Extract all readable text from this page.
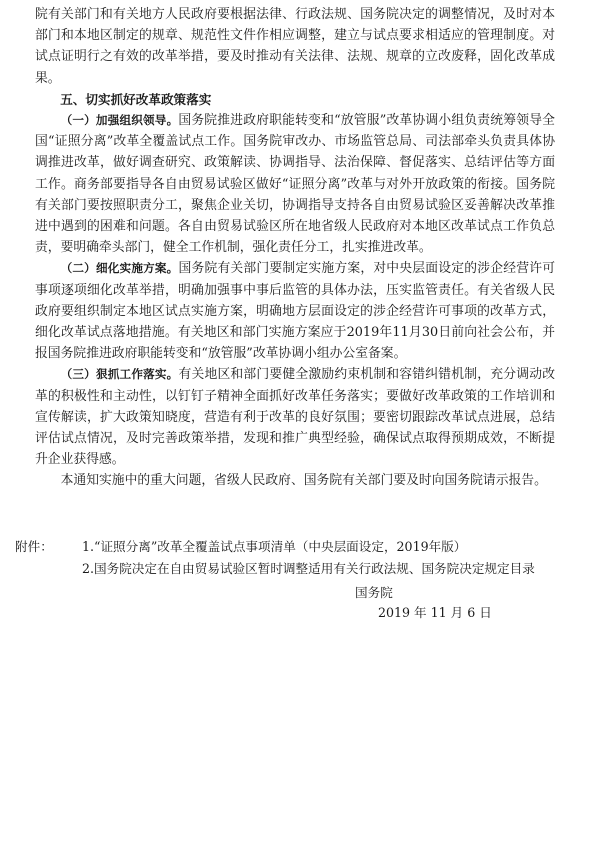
院有关部门和有关地方人民政府要根据法律、行政法规、国务院决定的调整情况，及时对本部门和本地区制定的规章、规范性文件作相应调整，建立与试点要求相适应的管理制度。对试点证明行之有效的改革举措，要及时推动有关法律、法规、规章的立改废释，固化改革成果。

五、切实抓好改革政策落实

（一）加强组织领导。国务院推进政府职能转变和“放管服”改革协调小组负责统筹领导全国“证照分离”改革全覆盖试点工作。国务院审改办、市场监管总局、司法部牵头负责具体协调推进改革，做好调查研究、政策解读、协调指导、法治保障、督促落实、总结评估等方面工作。商务部要指导各自由贸易试验区做好“证照分离”改革与对外开放政策的衔接。国务院有关部门要按照职责分工，聚焦企业关切，协调指导支持各自由贸易试验区妥善解决改革推进中遇到的困难和问题。各自由贸易试验区所在地省级人民政府对本地区改革试点工作负总责，要明确牵头部门，健全工作机制，强化责任分工，扎实推进改革。

（二）细化实施方案。国务院有关部门要制定实施方案，对中央层面设定的涉企经营许可事项逐项细化改革举措，明确加强事中事后监管的具体办法，压实监管责任。有关省级人民政府要组织制定本地区试点实施方案，明确地方层面设定的涉企经营许可事项的改革方式，细化改革试点落地措施。有关地区和部门实施方案应于2019年11月30日前向社会公布，并报国务院推进政府职能转变和“放管服”改革协调小组办公室备案。

（三）狠抓工作落实。有关地区和部门要健全激励约束机制和容错纠错机制，充分调动改革的积极性和主动性，以钉钉子精神全面抓好改革任务落实；要做好改革政策的工作培训和宣传解读，扩大政策知晓度，营造有利于改革的良好氛围；要密切跟踪改革试点进展，总结评估试点情况，及时完善政策举措，发现和推广典型经验，确保试点取得预期成效，不断提升企业获得感。

本通知实施中的重大问题，省级人民政府、国务院有关部门要及时向国务院请示报告。

附件：	1.“证照分离”改革全覆盖试点事项清单（中央层面设定，2019年版）
2.国务院决定在自由贸易试验区暂时调整适用有关行政法规、国务院决定规定目录
国务院
2019 年 11 月 6 日
